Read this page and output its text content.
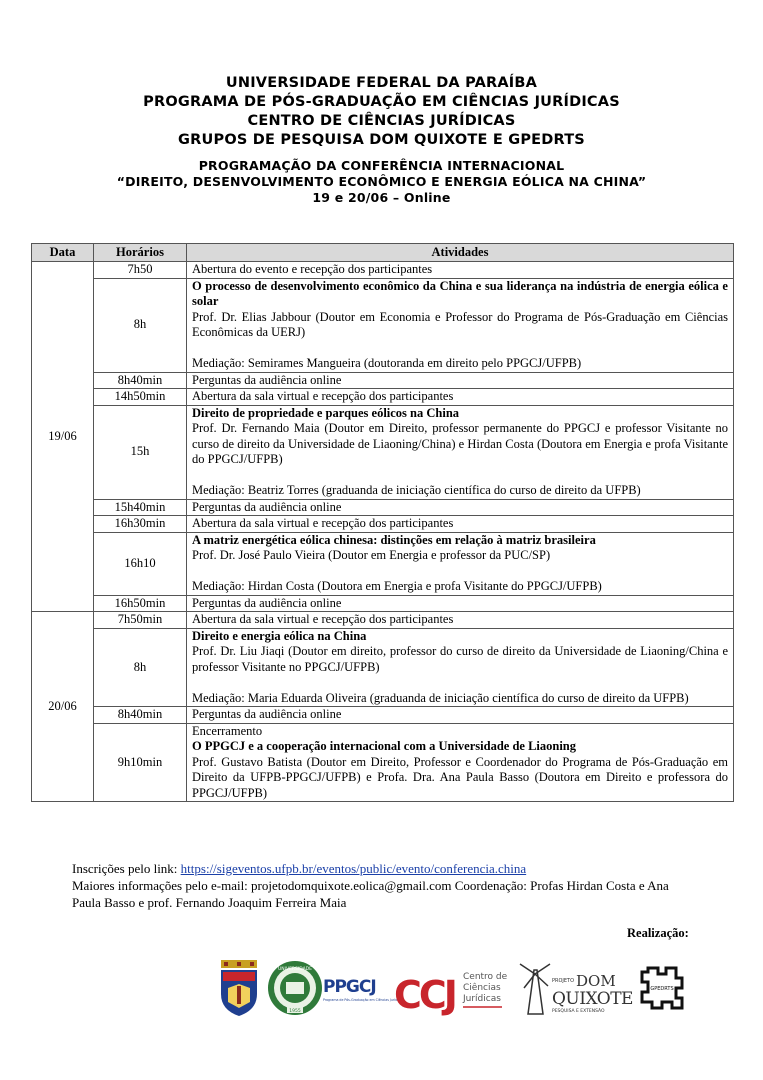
UNIVERSIDADE FEDERAL DA PARAÍBA
PROGRAMA DE PÓS-GRADUAÇÃO EM CIÊNCIAS JURÍDICAS
CENTRO DE CIÊNCIAS JURÍDICAS
GRUPOS DE PESQUISA DOM QUIXOTE E GPEDRTS
PROGRAMAÇÃO DA CONFERÊNCIA INTERNACIONAL
“DIREITO, DESENVOLVIMENTO ECONÔMICO E ENERGIA EÓLICA NA CHINA”
19 e 20/06 – Online
Data	Horários	Atividades
19/06	7h50	Abertura do evento e recepção dos participantes

	8h	O processo de desenvolvimento econômico da China e sua liderança na indústria de energia eólica e solar
Prof. Dr. Elias Jabbour (Doutor em Economia e Professor do Programa de Pós-Graduação em Ciências Econômicas da UERJ)
Mediação: Semirames Mangueira (doutoranda em direito pelo PPGCJ/UFPB)

	8h40min	Perguntas da audiência online

	14h50min	Abertura da sala virtual e recepção dos participantes

	15h	Direito de propriedade e parques eólicos na China
Prof. Dr. Fernando Maia (Doutor em Direito, professor permanente do PPGCJ e professor Visitante no curso de direito da Universidade de Liaoning/China) e Hirdan Costa (Doutora em Energia e profa Visitante do PPGCJ/UFPB)
Mediação: Beatriz Torres (graduanda de iniciação científica do curso de direito da UFPB)

	15h40min	Perguntas da audiência online

	16h30min	Abertura da sala virtual e recepção dos participantes

	16h10	A matriz energética eólica chinesa: distinções em relação à matriz brasileira
Prof. Dr. José Paulo Vieira (Doutor em Energia e professor da PUC/SP)
Mediação: Hirdan Costa (Doutora em Energia e profa Visitante do PPGCJ/UFPB)

	16h50min	Perguntas da audiência online

20/06	7h50min	Abertura da sala virtual e recepção dos participantes

	8h	Direito e energia eólica na China
Prof. Dr. Liu Jiaqi (Doutor em direito, professor do curso de direito da Universidade de Liaoning/China e professor Visitante no PPGCJ/UFPB)
Mediação: Maria Eduarda Oliveira (graduanda de iniciação científica do curso de direito da UFPB)

	8h40min	Perguntas da audiência online

	9h10min	Encerramento
O PPGCJ e a cooperação internacional com a Universidade de Liaoning
Prof. Gustavo Batista (Doutor em Direito, Professor e Coordenador do Programa de Pós-Graduação em Direito da UFPB-PPGCJ/UFPB) e Profa. Dra. Ana Paula Basso (Doutora em Direito e professora do PPGCJ/UFPB)
Inscrições pelo link: https://sigeventos.ufpb.br/eventos/public/evento/conferencia.china
Maiores informações pelo e-mail: projetodomquixote.eolica@gmail.com Coordenação: Profas Hirdan Costa e Ana Paula Basso e prof. Fernando Joaquim Ferreira Maia
Realização:
UNIVERSIDADE
1955
PPGCJ
Programa de Pós-Graduação em Ciências Jurídicas
CCJ Centro de
Ciências
Jurídicas
PROJETO DOM
QUIXOTE
PESQUISA E EXTENSÃO
GPEDRTS
